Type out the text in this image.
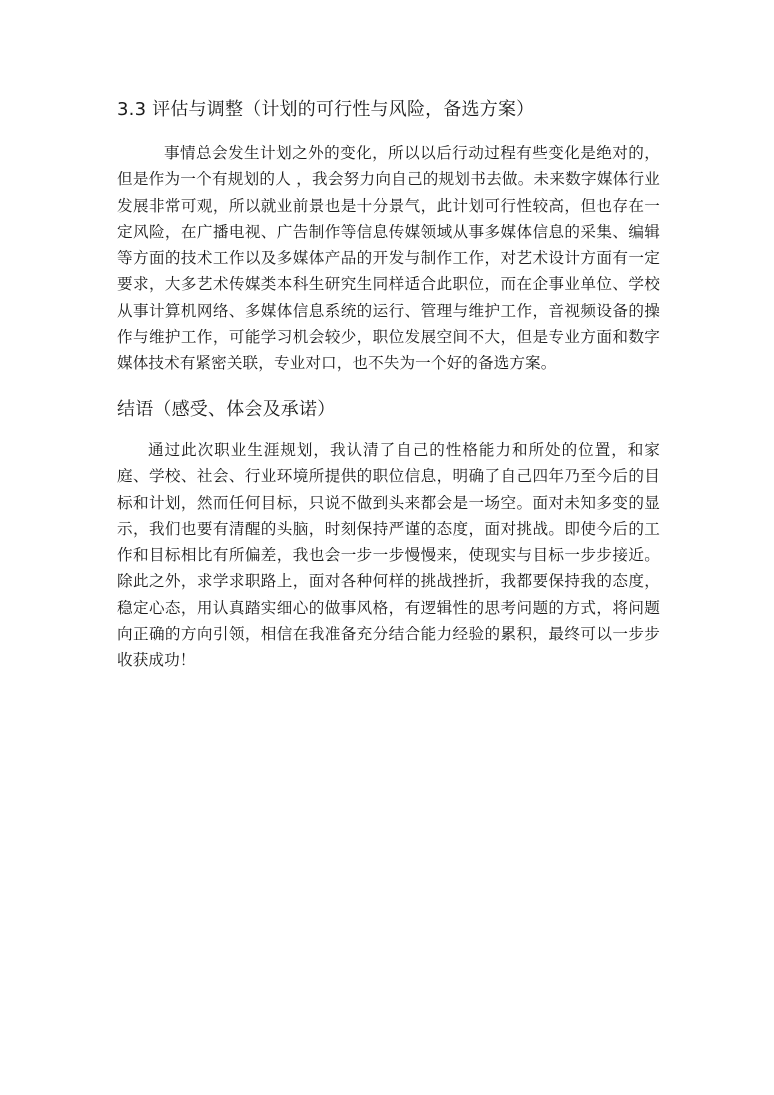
3.3 评估与调整（计划的可行性与风险，备选方案）

事情总会发生计划之外的变化，所以以后行动过程有些变化是绝对的，但是作为一个有规划的人 ，我会努力向自己的规划书去做。未来数字媒体行业发展非常可观，所以就业前景也是十分景气，此计划可行性较高，但也存在一定风险，在广播电视、广告制作等信息传媒领域从事多媒体信息的采集、编辑等方面的技术工作以及多媒体产品的开发与制作工作，对艺术设计方面有一定要求，大多艺术传媒类本科生研究生同样适合此职位，而在企事业单位、学校从事计算机网络、多媒体信息系统的运行、管理与维护工作，音视频设备的操作与维护工作，可能学习机会较少，职位发展空间不大，但是专业方面和数字媒体技术有紧密关联，专业对口，也不失为一个好的备选方案。

结语（感受、体会及承诺）

通过此次职业生涯规划，我认清了自己的性格能力和所处的位置，和家庭、学校、社会、行业环境所提供的职位信息，明确了自己四年乃至今后的目标和计划，然而任何目标，只说不做到头来都会是一场空。面对未知多变的显示，我们也要有清醒的头脑，时刻保持严谨的态度，面对挑战。即使今后的工作和目标相比有所偏差，我也会一步一步慢慢来，使现实与目标一步步接近。除此之外，求学求职路上，面对各种何样的挑战挫折，我都要保持我的态度，稳定心态，用认真踏实细心的做事风格，有逻辑性的思考问题的方式，将问题向正确的方向引领，相信在我准备充分结合能力经验的累积，最终可以一步步收获成功！
